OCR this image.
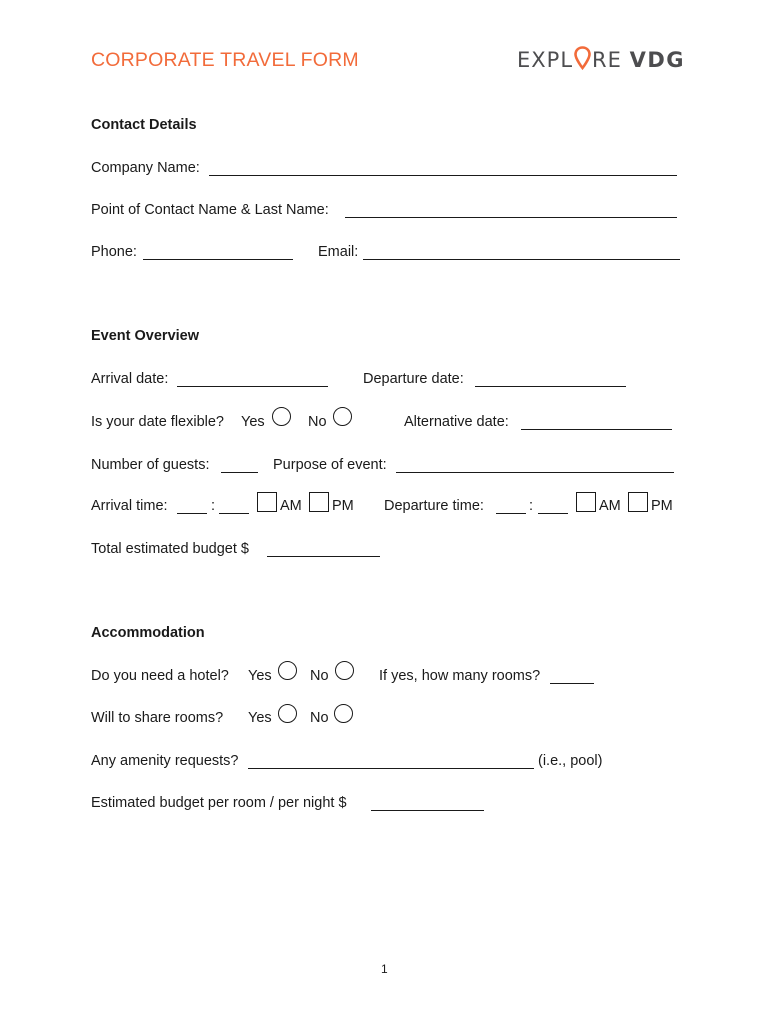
CORPORATE TRAVEL FORM	EXPL RE VDG
Contact Details
Company Name:
Point of Contact Name & Last Name:
Phone:	Email:
Event Overview
Arrival date:	Departure date:
Is your date flexible? Yes	No	Alternative date:
Number of guests:	Purpose of event:
Arrival time:	:	AM PM Departure time:	:	AM PM
Total estimated budget $
Accommodation
Do you need a hotel? Yes	No	If yes, how many rooms?
Will to share rooms? Yes	No
Any amenity requests?	(i.e., pool)
Estimated budget per room / per night $
1
